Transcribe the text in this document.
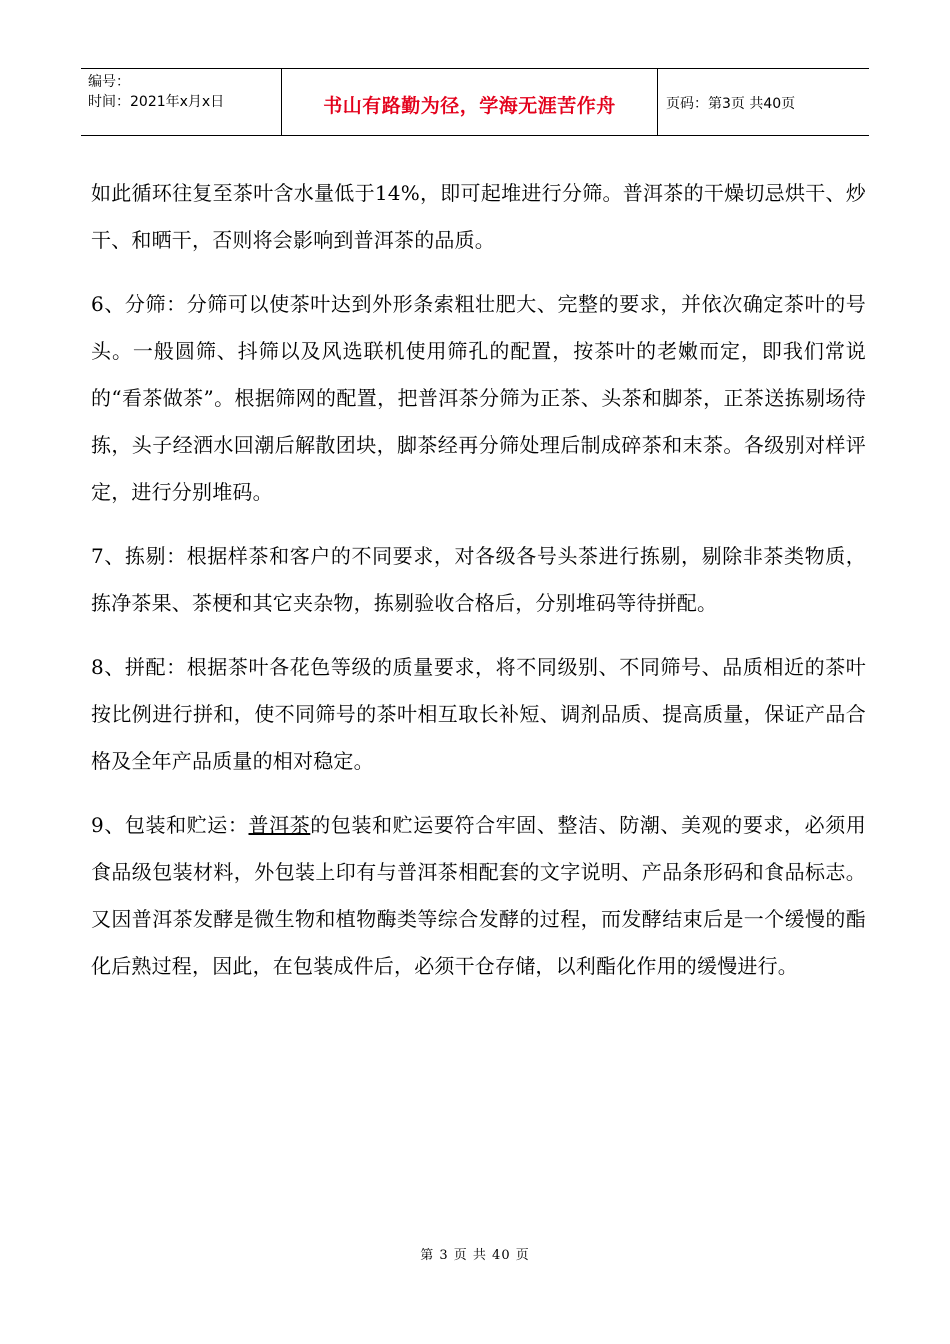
编号：
时间：2021年x月x日	书山有路勤为径，学海无涯苦作舟	页码：第3页 共40页

如此循环往复至茶叶含水量低于14%，即可起堆进行分筛。普洱茶的干燥切忌烘干、炒干、和晒干，否则将会影响到普洱茶的品质。

6、分筛：分筛可以使茶叶达到外形条索粗壮肥大、完整的要求，并依次确定茶叶的号头。一般圆筛、抖筛以及风选联机使用筛孔的配置，按茶叶的老嫩而定，即我们常说的“看茶做茶”。根据筛网的配置，把普洱茶分筛为正茶、头茶和脚茶，正茶送拣剔场待拣，头子经洒水回潮后解散团块，脚茶经再分筛处理后制成碎茶和末茶。各级别对样评定，进行分别堆码。

7、拣剔：根据样茶和客户的不同要求，对各级各号头茶进行拣剔，剔除非茶类物质，拣净茶果、茶梗和其它夹杂物，拣剔验收合格后，分别堆码等待拼配。

8、拼配：根据茶叶各花色等级的质量要求，将不同级别、不同筛号、品质相近的茶叶按比例进行拼和，使不同筛号的茶叶相互取长补短、调剂品质、提高质量，保证产品合格及全年产品质量的相对稳定。

9、包装和贮运：普洱茶的包装和贮运要符合牢固、整洁、防潮、美观的要求，必须用食品级包装材料，外包装上印有与普洱茶相配套的文字说明、产品条形码和食品标志。又因普洱茶发酵是微生物和植物酶类等综合发酵的过程，而发酵结束后是一个缓慢的酯化后熟过程，因此，在包装成件后，必须干仓存储，以利酯化作用的缓慢进行。

第 3 页 共 40 页
